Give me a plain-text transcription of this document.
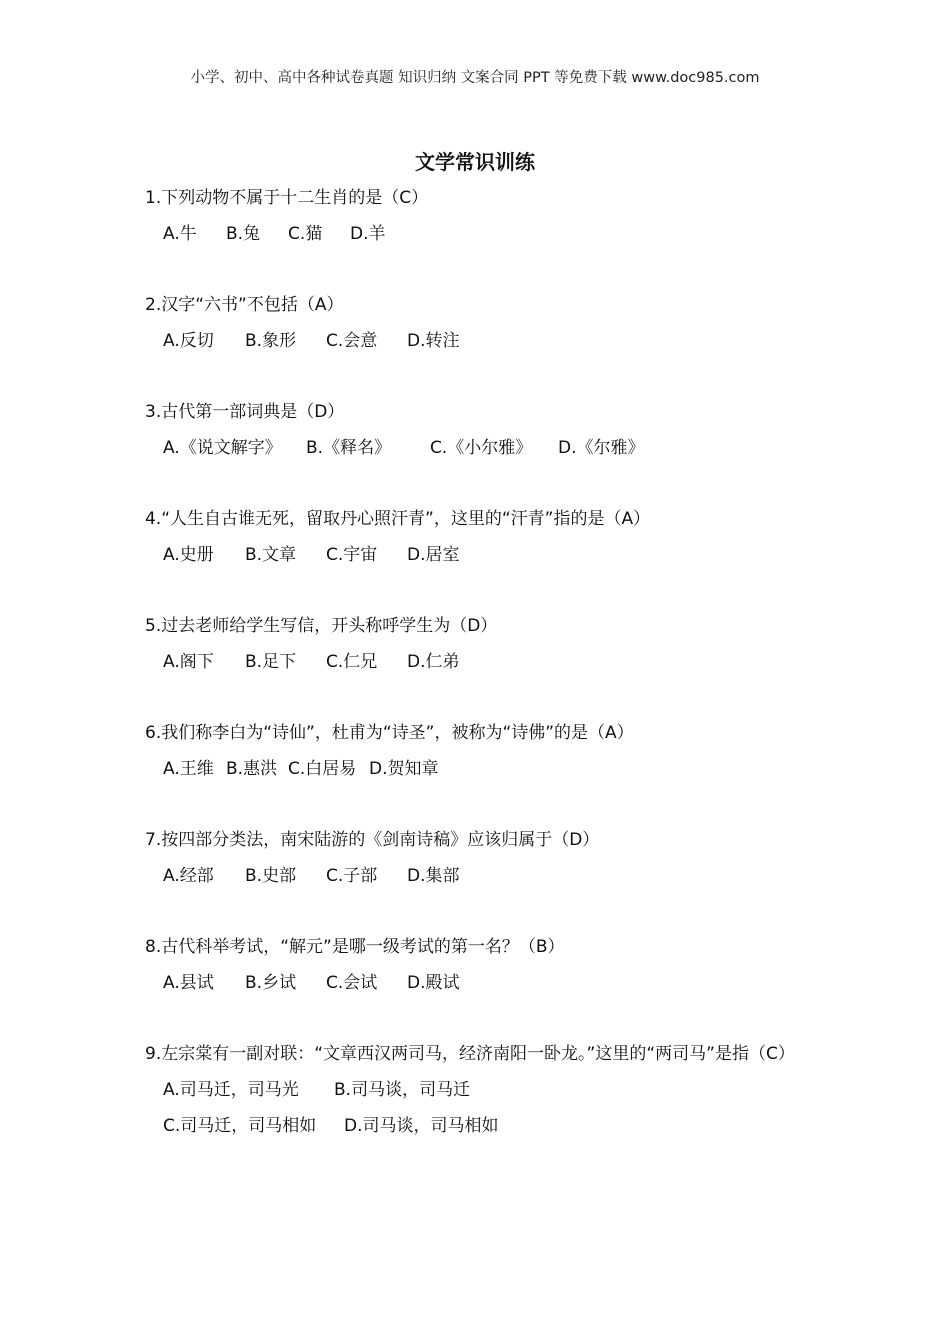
小学、初中、高中各种试卷真题 知识归纳 文案合同 PPT 等免费下载 www.doc985.com
文学常识训练
1.下列动物不属于十二生肖的是（C）
A.牛 B.兔 C.猫 D.羊
2.汉字“六书”不包括（A）
A.反切 B.象形 C.会意 D.转注
3.古代第一部词典是（D）
A.《说文解字》 B.《释名》 C.《小尔雅》 D.《尔雅》
4.“人生自古谁无死，留取丹心照汗青”，这里的“汗青”指的是（A）
A.史册 B.文章 C.宇宙 D.居室
5.过去老师给学生写信，开头称呼学生为（D）
A.阁下 B.足下 C.仁兄 D.仁弟
6.我们称李白为“诗仙”，杜甫为“诗圣”，被称为“诗佛”的是（A）
A.王维 B.惠洪 C.白居易 D.贺知章
7.按四部分类法，南宋陆游的《剑南诗稿》应该归属于（D）
A.经部 B.史部 C.子部 D.集部
8.古代科举考试，“解元”是哪一级考试的第一名？（B）
A.县试 B.乡试 C.会试 D.殿试
9.左宗棠有一副对联：“文章西汉两司马，经济南阳一卧龙。”这里的“两司马”是指（C）
A.司马迁，司马光 B.司马谈，司马迁
C.司马迁，司马相如 D.司马谈，司马相如
